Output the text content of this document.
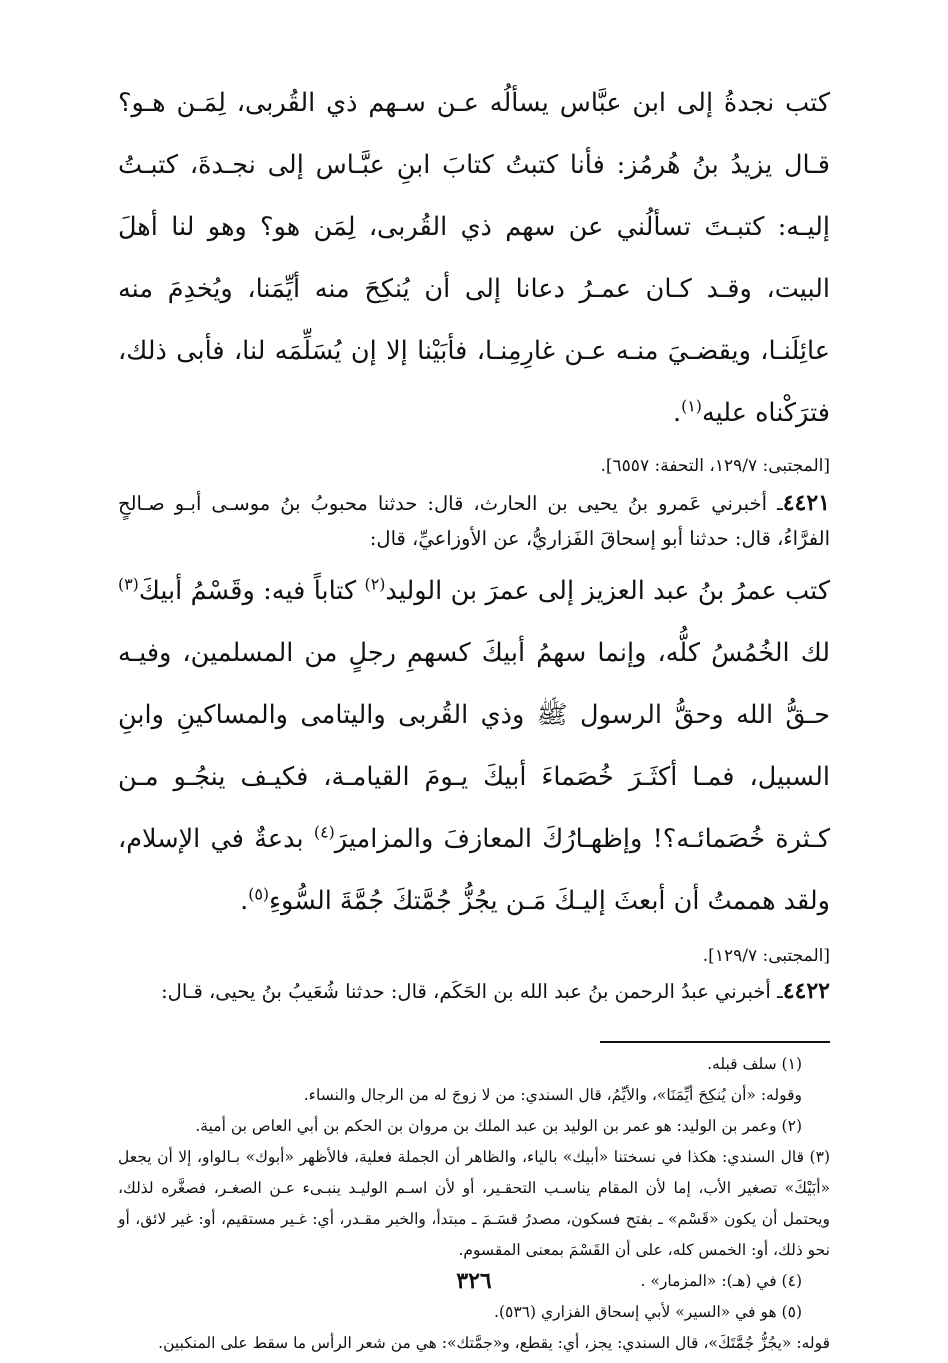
كتب نجدةُ إلى ابن عبَّاس يسألُه عـن سـهم ذي القُربى، لِمَـن هـو؟ قـال يزيدُ بنُ هُرمُز: فأنا كتبتُ كتابَ ابنِ عبَّـاس إلى نجـدةَ، كتبـتُ إليـه: كتبـتَ تسألُني عن سهم ذي القُربى، لِمَن هو؟ وهو لنا أهلَ البيت، وقـد كـان عمـرُ دعانا إلى أن يُنكِحَ منه أيِّمَنا، ويُخدِمَ منه عائِلَنـا، ويقضـيَ منـه عـن غارِمِنـا، فأبَيْنا إلا إن يُسَلِّمَه لنا، فأبى ذلك، فترَكْناه عليه$^{(١)}$.

[المجتبى: ١٢٩/٧، التحفة: ٦٥٥٧].

٤٤٢١ـ أخبرني عَمرو بنُ يحيى بن الحارث، قال: حدثنا محبوبُ بنُ موسـى أبـو صـالحٍ الفرَّاءُ، قال: حدثنا أبو إسحاقَ الفَزاريُّ، عن الأوزاعيِّ، قال:

كتب عمرُ بنُ عبد العزيز إلى عمرَ بن الوليد$^{(٢)}$ كتاباً فيه: وقَسْمُ أبيكَ$^{(٣)}$ لك الخُمُسُ كلُّه، وإنما سهمُ أبيكَ كسهمِ رجلٍ من المسلمين، وفيـه حـقُّ الله وحقُّ الرسول ﷺ وذي القُربى واليتامى والمساكينِ وابنِ السبيل، فمـا أكثَـرَ خُصَماءَ أبيكَ يـومَ القيامـة، فكيـف ينجُـو مـن كـثرة خُصَمائـه؟! وإظهـارُكَ المعازفَ والمزاميرَ$^{(٤)}$ بدعةٌ في الإسلام، ولقد هممتُ أن أبعثَ إليـكَ مَـن يجُزُّ جُمَّتكَ جُمَّةَ السُّوءِ$^{(٥)}$.

[المجتبى: ١٢٩/٧].

٤٤٢٢ـ أخبرني عبدُ الرحمن بنُ عبد الله بن الحَكَم، قال: حدثنا شُعَيبُ بنُ يحيى، قـال:

(١) سلف قبله.

وقوله: «أن يُنكِحَ أيِّمَنَا»، والأيِّمُ، قال السندي: من لا زوجَ له من الرجال والنساء.

(٢) وعمر بن الوليد: هو عمر بن الوليد بن عبد الملك بن مروان بن الحكم بن أبي العاص بن أمية.

(٣) قال السندي: هكذا في نسختنا «أبيك» بالياء، والظاهر أن الجملة فعلية، فالأظهر «أبوك» بـالواو، إلا أن يجعل «أبَيْكَ» تصغير الأب، إما لأن المقام يناسـب التحقـير، أو لأن اسـم الوليـد ينبـىء عـن الصغـر، فصغَّره لذلك، ويحتمل أن يكون «قَسْم» ـ بفتح فسكون، مصدرُ قسَـمَ ـ مبتدأ، والخبر مقـدر، أي: غـير مستقيم، أو: غير لائق، أو نحو ذلك، أو: الخمس كله، على أن القَسْمَ بمعنى المقسوم.

(٤) في (هـ): «المزمار» .

(٥) هو في «السير» لأبي إسحاق الفزاري (٥٣٦).

قوله: «يجُزُّ جُمَّتَكَ»، قال السندي: يجز، أي: يقطع، و«جمَّتك»: هي من شعر الرأس ما سقط على المنكبين.

٣٢٦
